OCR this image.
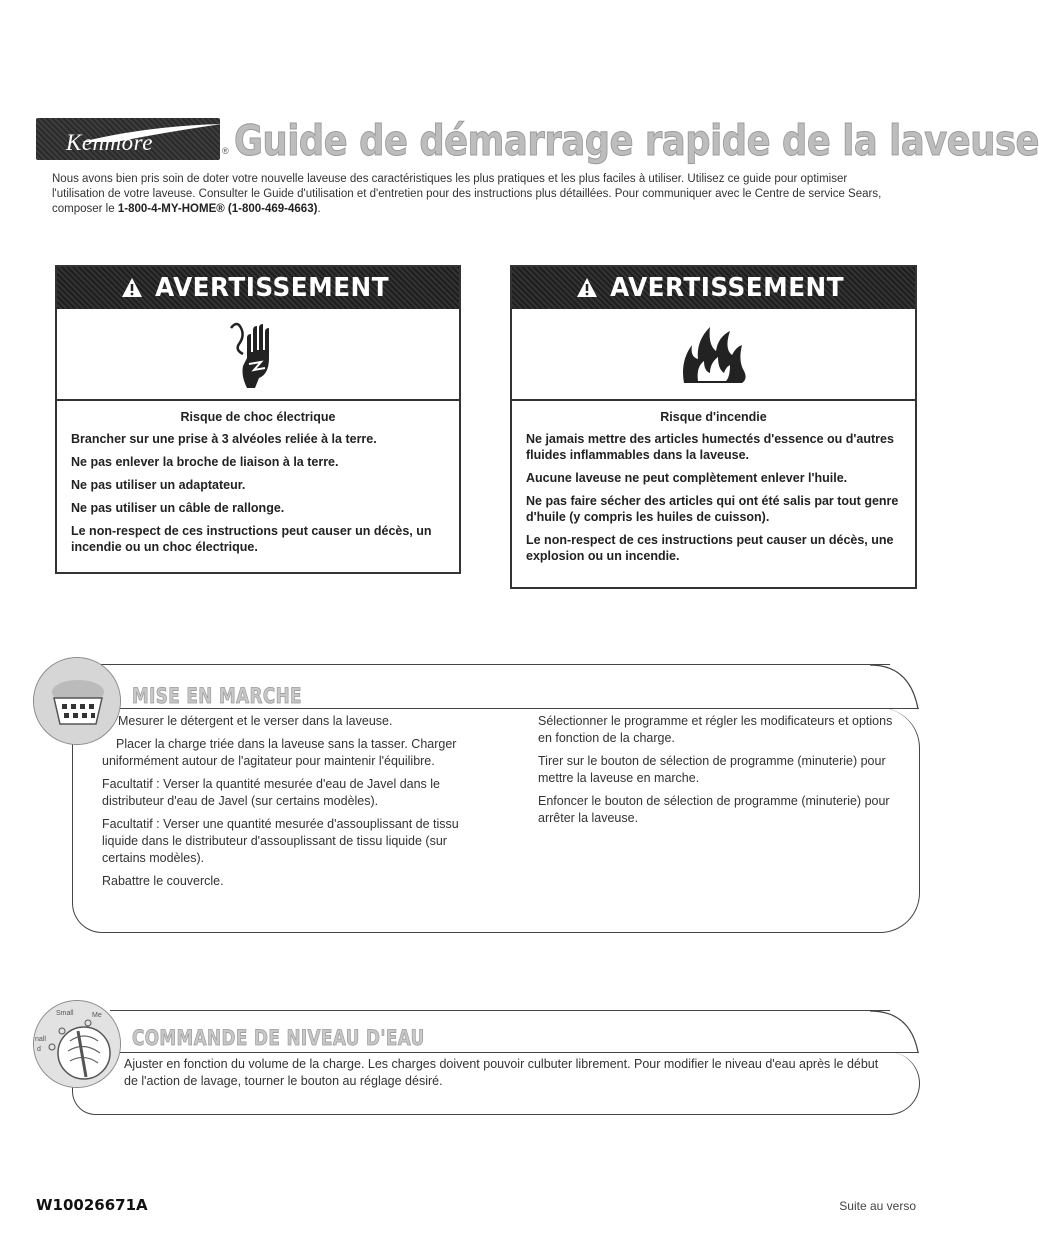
Kenmore	® Guide de démarrage rapide de la laveuse
Nous avons bien pris soin de doter votre nouvelle laveuse des caractéristiques les plus pratiques et les plus faciles à utiliser. Utilisez ce guide pour optimiser l'utilisation de votre laveuse. Consulter le Guide d'utilisation et d'entretien pour des instructions plus détaillées. Pour communiquer avec le Centre de service Sears, composer le 1-800-4-MY-HOME® (1-800-469-4663).
AVERTISSEMENT
Risque de choc électrique

Brancher sur une prise à 3 alvéoles reliée à la terre.

Ne pas enlever la broche de liaison à la terre.

Ne pas utiliser un adaptateur.

Ne pas utiliser un câble de rallonge.

Le non-respect de ces instructions peut causer un décès, un incendie ou un choc électrique.

AVERTISSEMENT
Risque d'incendie

Ne jamais mettre des articles humectés d'essence ou d'autres fluides inflammables dans la laveuse.

Aucune laveuse ne peut complètement enlever l'huile.

Ne pas faire sécher des articles qui ont été salis par tout genre d'huile (y compris les huiles de cuisson).

Le non-respect de ces instructions peut causer un décès, une explosion ou un incendie.

MISE EN MARCHE

Mesurer le détergent et le verser dans la laveuse.

Placer la charge triée dans la laveuse sans la tasser. Charger uniformément autour de l'agitateur pour maintenir l'équilibre.

Facultatif : Verser la quantité mesurée d'eau de Javel dans le distributeur d'eau de Javel (sur certains modèles).

Facultatif : Verser une quantité mesurée d'assouplissant de tissu liquide dans le distributeur d'assouplissant de tissu liquide (sur certains modèles).

Rabattre le couvercle.

Sélectionner le programme et régler les modificateurs et options en fonction de la charge.

Tirer sur le bouton de sélection de programme (minuterie) pour mettre la laveuse en marche.

Enfoncer le bouton de sélection de programme (minuterie) pour arrêter la laveuse.

Small	Me
nall
d	COMMANDE DE NIVEAU D'EAU
Ajuster en fonction du volume de la charge. Les charges doivent pouvoir culbuter librement. Pour modifier le niveau d'eau après le début de l'action de lavage, tourner le bouton au réglage désiré.
W10026671A	Suite au verso
